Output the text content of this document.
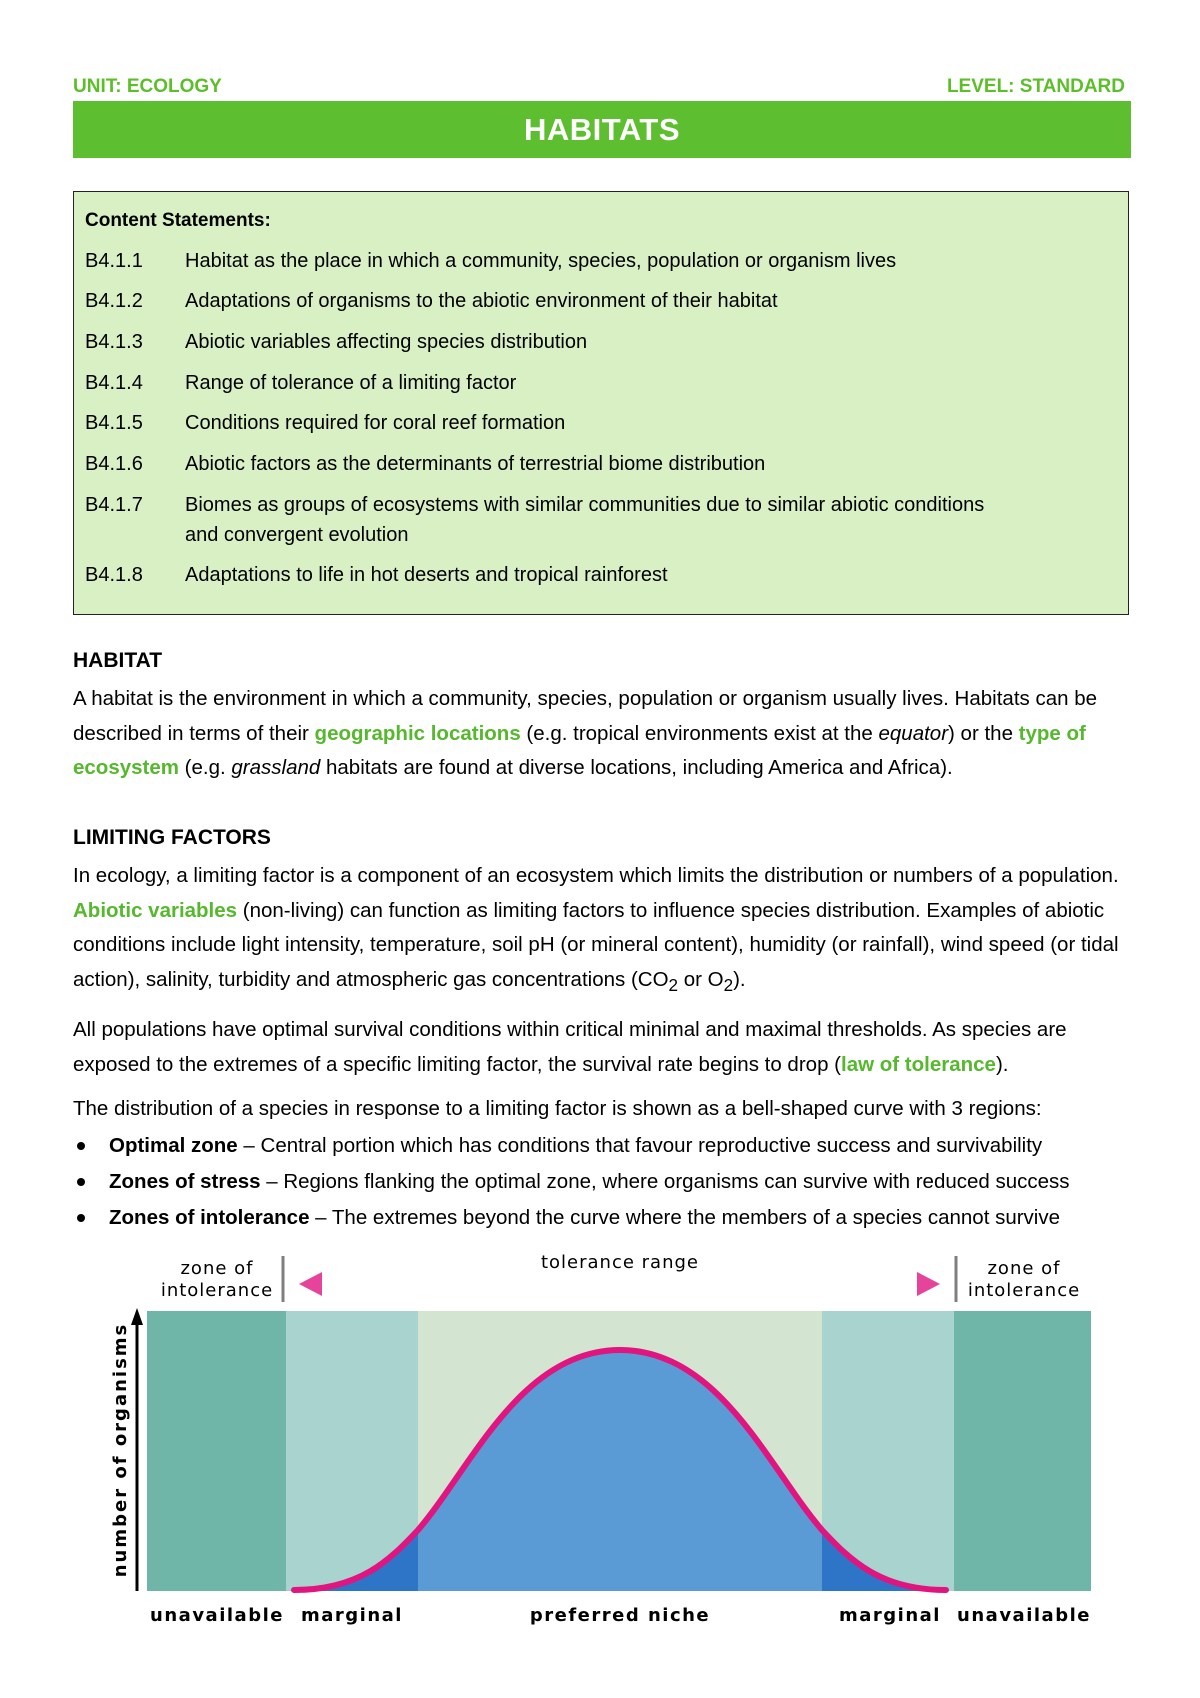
UNIT: ECOLOGY	LEVEL: STANDARD
HABITATS
Content Statements:
B4.1.1	Habitat as the place in which a community, species, population or organism lives
B4.1.2	Adaptations of organisms to the abiotic environment of their habitat
B4.1.3	Abiotic variables affecting species distribution
B4.1.4	Range of tolerance of a limiting factor
B4.1.5	Conditions required for coral reef formation
B4.1.6	Abiotic factors as the determinants of terrestrial biome distribution
B4.1.7	Biomes as groups of ecosystems with similar communities due to similar abiotic conditions
and convergent evolution
B4.1.8	Adaptations to life in hot deserts and tropical rainforest
HABITAT
A habitat is the environment in which a community, species, population or organism usually lives. Habitats can be described in terms of their geographic locations (e.g. tropical environments exist at the equator) or the type of ecosystem (e.g. grassland habitats are found at diverse locations, including America and Africa).
LIMITING FACTORS
In ecology, a limiting factor is a component of an ecosystem which limits the distribution or numbers of a population. Abiotic variables (non-living) can function as limiting factors to influence species distribution. Examples of abiotic conditions include light intensity, temperature, soil pH (or mineral content), humidity (or rainfall), wind speed (or tidal action), salinity, turbidity and atmospheric gas concentrations ($CO_2$ or $O_2$).
All populations have optimal survival conditions within critical minimal and maximal thresholds. As species are exposed to the extremes of a specific limiting factor, the survival rate begins to drop (law of tolerance).
The distribution of a species in response to a limiting factor is shown as a bell-shaped curve with 3 regions:
Optimal zone – Central portion which has conditions that favour reproductive success and survivability
Zones of stress – Regions flanking the optimal zone, where organisms can survive with reduced success
Zones of intolerance – The extremes beyond the curve where the members of a species cannot survive
number of organisms
tolerance range
zone of
intolerance
zone of
intolerance
unavailable marginal	preferred niche	marginal unavailable
